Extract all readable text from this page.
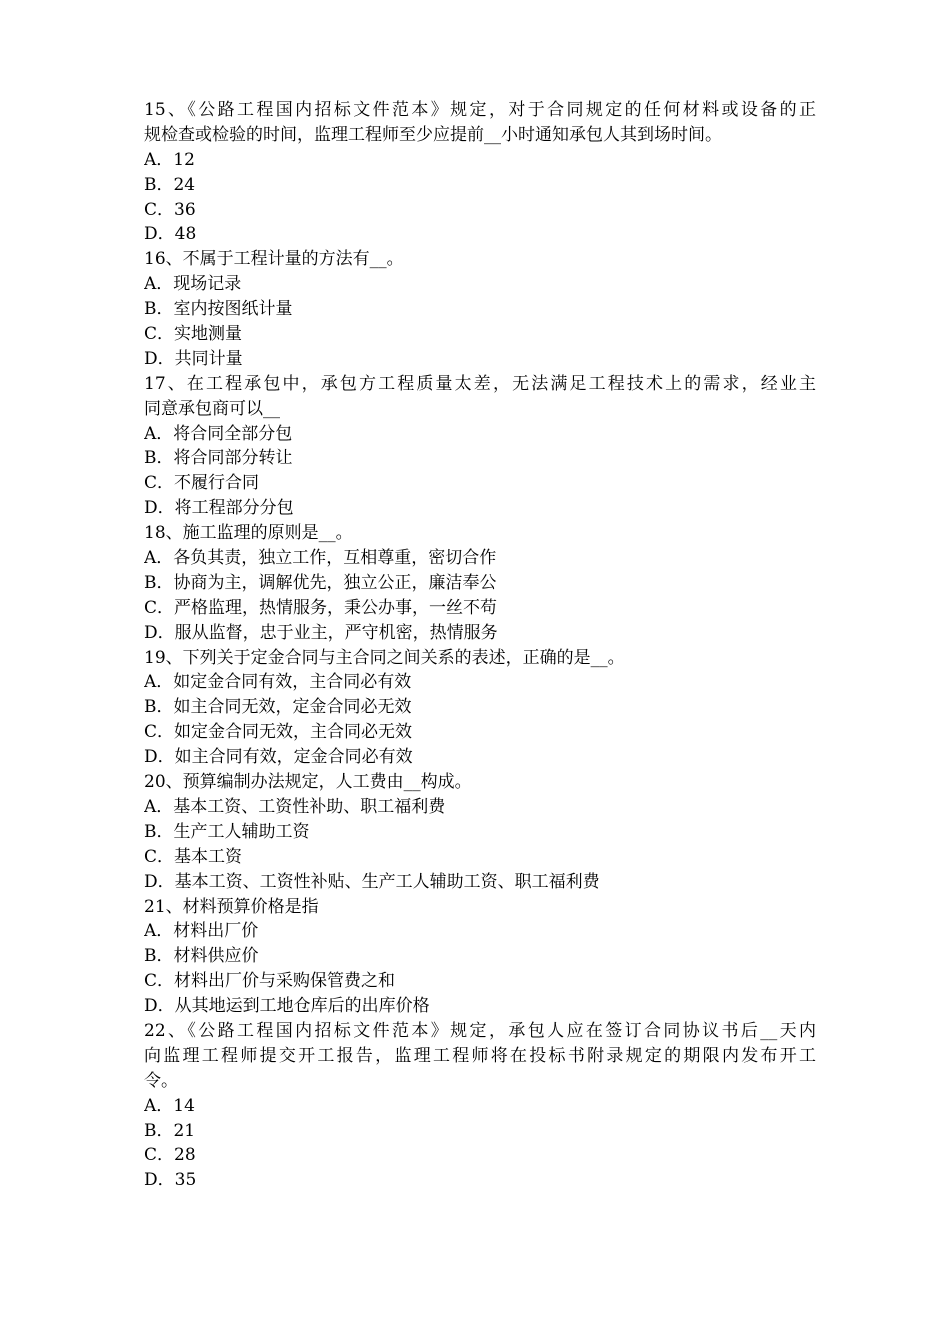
15、《公路工程国内招标文件范本》规定，对于合同规定的任何材料或设备的正
规检查或检验的时间，监理工程师至少应提前__小时通知承包人其到场时间。
A．12
B．24
C．36
D．48
16、不属于工程计量的方法有__。
A．现场记录
B．室内按图纸计量
C．实地测量
D．共同计量
17、在工程承包中，承包方工程质量太差，无法满足工程技术上的需求，经业主
同意承包商可以__
A．将合同全部分包
B．将合同部分转让
C．不履行合同
D．将工程部分分包
18、施工监理的原则是__。
A．各负其责，独立工作，互相尊重，密切合作
B．协商为主，调解优先，独立公正，廉洁奉公
C．严格监理，热情服务，秉公办事，一丝不苟
D．服从监督，忠于业主，严守机密，热情服务
19、下列关于定金合同与主合同之间关系的表述，正确的是__。
A．如定金合同有效，主合同必有效
B．如主合同无效，定金合同必无效
C．如定金合同无效，主合同必无效
D．如主合同有效，定金合同必有效
20、预算编制办法规定，人工费由__构成。
A．基本工资、工资性补助、职工福利费
B．生产工人辅助工资
C．基本工资
D．基本工资、工资性补贴、生产工人辅助工资、职工福利费
21、材料预算价格是指
A．材料出厂价
B．材料供应价
C．材料出厂价与采购保管费之和
D．从其地运到工地仓库后的出库价格
22、《公路工程国内招标文件范本》规定，承包人应在签订合同协议书后__天内
向监理工程师提交开工报告，监理工程师将在投标书附录规定的期限内发布开工
令。
A．14
B．21
C．28
D．35
